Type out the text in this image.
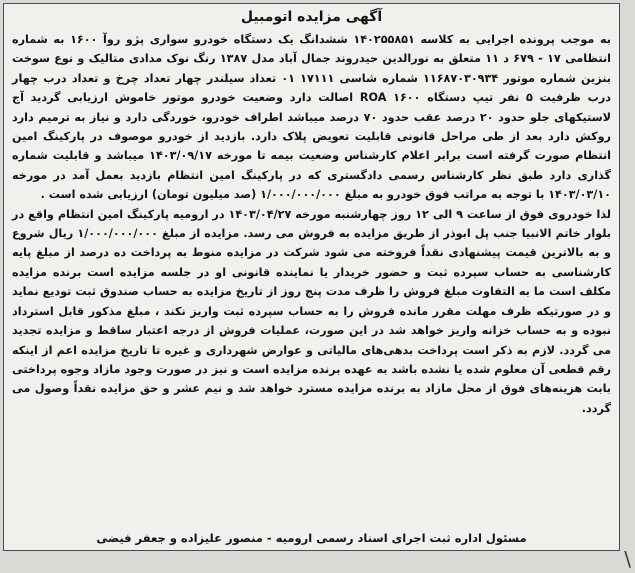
آگهی مزایده اتومبیل

به موجب پرونده اجرایی به کلاسه ۱۴۰۲۵۵۸۵۱ ششدانگ یک دستگاه خودرو سواری پژو روآ ۱۶۰۰ به شماره انتظامی ۱۷ - ۶۷۹ د ۱۱ متعلق به نورالدین حیدروند جمال آباد مدل ۱۳۸۷ رنگ نوک مدادی متالیک و نوع سوخت بنزین شماره موتور ۱۱۶۸۷۰۳۰۹۳۴ شماره شاسی ۱۷۱۱۱ ۰۱ تعداد سیلندر چهار تعداد چرخ و تعداد درب چهار درب ظرفیت ۵ نفر تیپ دستگاه ROA ۱۶۰۰ اصالت دارد وضعیت خودرو موتور خاموش ارزیابی گردید آج لاستیکهای جلو حدود ۲۰ درصد عقب حدود ۷۰ درصد میباشد اطراف خودرو، خوردگی دارد و نیاز به ترمیم دارد روکش دارد بعد از طی مراحل قانونی قابلیت تعویض پلاک دارد. بازدید از خودرو موصوف در پارکینگ امین انتظام صورت گرفته است برابر اعلام کارشناس وضعیت بیمه تا مورخه ۱۴۰۳/۰۹/۱۷ میباشد و قابلیت شماره گذاری دارد طبق نظر کارشناس رسمی دادگستری که در پارکینگ امین انتظام بازدید بعمل آمد در مورخه ۱۴۰۳/۰۳/۱۰ با توجه به مراتب فوق خودرو به مبلغ ۱/۰۰۰/۰۰۰/۰۰۰ (صد میلیون تومان) ارزیابی شده است .

لذا خودروی فوق از ساعت ۹ الی ۱۲ روز چهارشنبه مورخه ۱۴۰۳/۰۴/۲۷ در ارومیه پارکینگ امین انتظام واقع در بلوار خاتم الانبیا جنب پل ابوذر از طریق مزایده به فروش می رسد. مزایده از مبلغ ۱/۰۰۰/۰۰۰/۰۰۰ ریال شروع و به بالاترین قیمت پیشنهادی نقداً فروخته می شود شرکت در مزایده منوط به پرداخت ده درصد از مبلغ پایه کارشناسی به حساب سپرده ثبت و حضور خریدار یا نماینده قانونی او در جلسه مزایده است برنده مزایده مکلف است ما به التفاوت مبلغ فروش را ظرف مدت پنج روز از تاریخ مزایده به حساب صندوق ثبت تودیع نماید و در صورتیکه ظرف مهلت مقرر مانده فروش را به حساب سپرده ثبت واریز نکند ، مبلغ مذکور قابل استرداد نبوده و به حساب خزانه واریز خواهد شد در این صورت، عملیات فروش از درجه اعتبار ساقط و مزایده تجدید می گردد. لازم به ذکر است پرداخت بدهی‌های مالیاتی و عوارض شهرداری و غیره تا تاریخ مزایده اعم از اینکه رقم قطعی آن معلوم شده یا نشده باشد به عهده برنده مزایده است و نیز در صورت وجود مازاد وجوه پرداختی بابت هزینه‌های فوق از محل مازاد به برنده مزایده مسترد خواهد شد و نیم عشر و حق مزایده نقداً وصول می گردد.

مسئول اداره ثبت اجرای اسناد رسمی ارومیه - منصور علیزاده و جعفر فیضی
\
